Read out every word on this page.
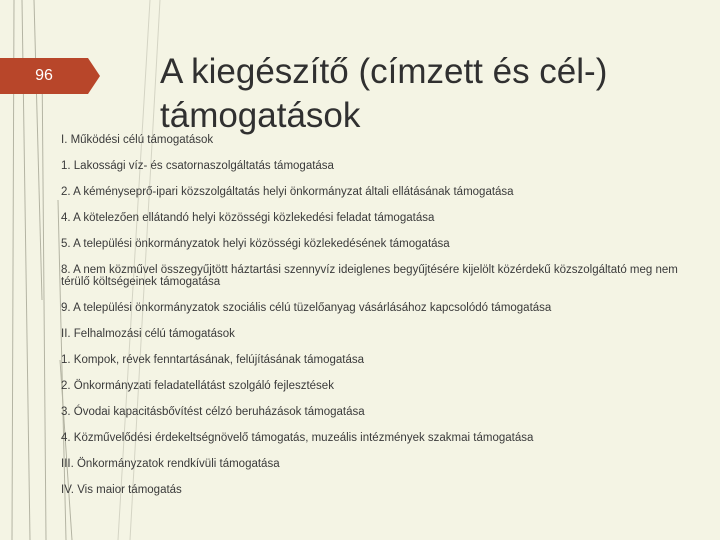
96	A kiegészítő (címzett és cél-) támogatások
I. Működési célú támogatások
1. Lakossági víz- és csatornaszolgáltatás támogatása
2. A kéményseprő-ipari közszolgáltatás helyi önkormányzat általi ellátásának támogatása
4. A kötelezően ellátandó helyi közösségi közlekedési feladat támogatása
5. A települési önkormányzatok helyi közösségi közlekedésének támogatása
8. A nem közművel összegyűjtött háztartási szennyvíz ideiglenes begyűjtésére kijelölt közérdekű közszolgáltató meg nem térülő költségeinek támogatása
9. A települési önkormányzatok szociális célú tüzelőanyag vásárlásához kapcsolódó támogatása
II. Felhalmozási célú támogatások
1. Kompok, révek fenntartásának, felújításának támogatása
2. Önkormányzati feladatellátást szolgáló fejlesztések
3. Óvodai kapacitásbővítést célzó beruházások támogatása
4. Közművelődési érdekeltségnövelő támogatás, muzeális intézmények szakmai támogatása
III. Önkormányzatok rendkívüli támogatása
IV. Vis maior támogatás
